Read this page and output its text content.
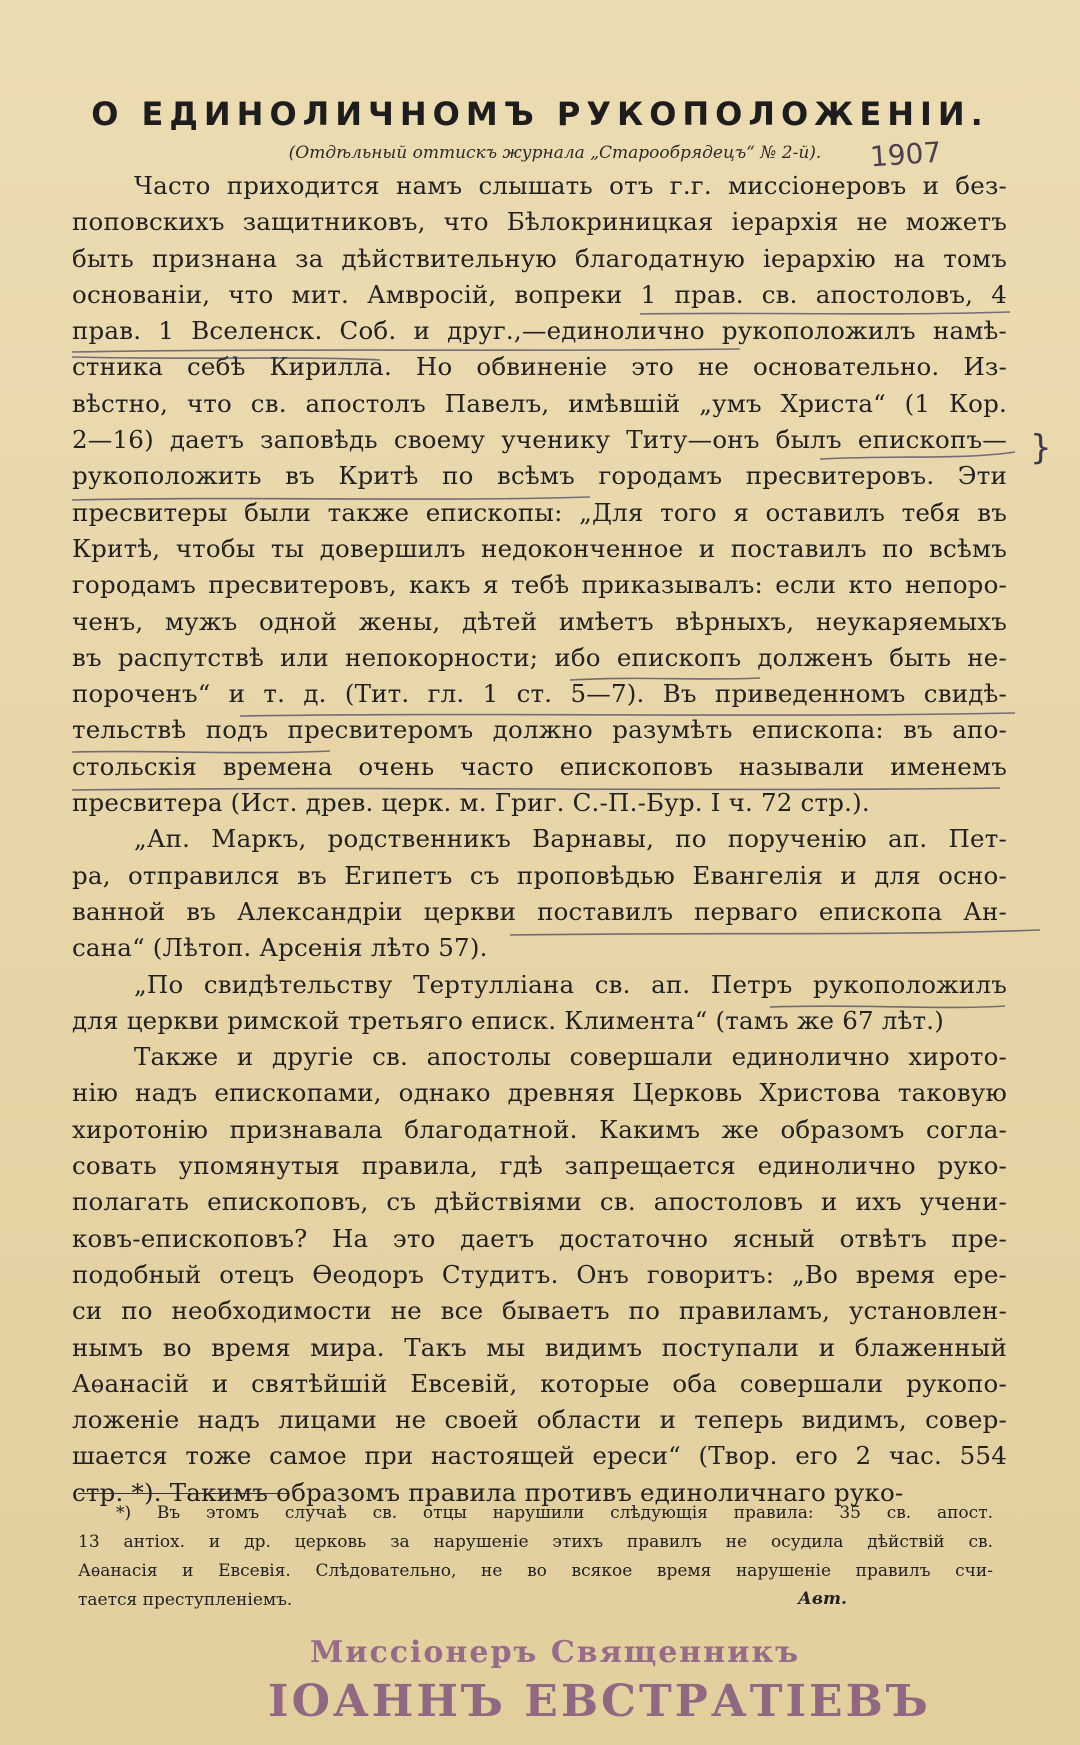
О ЕДИНОЛИЧНОМЪ РУКОПОЛОЖЕНІИ.
(Отдѣльный оттискъ журнала „Старообрядецъ“ № 2-й).	1907
Часто приходится намъ слышать отъ г.г. миссіонеровъ и без-
поповскихъ защитниковъ, что Бѣлокриницкая іерархія не можетъ
быть признана за дѣйствительную благодатную іерархію на томъ
основаніи, что мит. Амвросій, вопреки 1 прав. св. апостоловъ, 4
прав. 1 Вселенск. Соб. и друг.,—единолично рукоположилъ намѣ-
стника себѣ Кирилла. Но обвиненіе это не основательно. Из-
вѣстно, что св. апостолъ Павелъ, имѣвшій „умъ Христа“ (1 Кор.
2—16) даетъ заповѣдь своему ученику Титу—онъ былъ епископъ—
рукоположить въ Критѣ по всѣмъ городамъ пресвитеровъ. Эти
пресвитеры были также епископы: „Для того я оставилъ тебя въ
Критѣ, чтобы ты довершилъ недоконченное и поставилъ по всѣмъ
городамъ пресвитеровъ, какъ я тебѣ приказывалъ: если кто непоро-
ченъ, мужъ одной жены, дѣтей имѣетъ вѣрныхъ, неукаряемыхъ
въ распутствѣ или непокорности; ибо епископъ долженъ быть не-
пороченъ“ и т. д. (Тит. гл. 1 ст. 5—7). Въ приведенномъ свидѣ-
тельствѣ подъ пресвитеромъ должно разумѣть епископа: въ апо-
стольскія времена очень часто епископовъ называли именемъ
пресвитера (Ист. древ. церк. м. Григ. С.-П.-Бур. I ч. 72 стр.).
„Ап. Маркъ, родственникъ Варнавы, по порученію ап. Пет-
ра, отправился въ Египетъ съ проповѣдью Евангелія и для осно-
ванной въ Александріи церкви поставилъ перваго епископа Ан-
сана“ (Лѣтоп. Арсенія лѣто 57).
„По свидѣтельству Тертулліана св. ап. Петръ рукоположилъ
для церкви римской третьяго еписк. Климента“ (тамъ же 67 лѣт.)
Также и другіе св. апостолы совершали единолично хирото-
нію надъ епископами, однако древняя Церковь Христова таковую
хиротонію признавала благодатной. Какимъ же образомъ согла-
совать упомянутыя правила, гдѣ запрещается единолично руко-
полагать епископовъ, съ дѣйствіями св. апостоловъ и ихъ учени-
ковъ-епископовъ? На это даетъ достаточно ясный отвѣтъ пре-
подобный отецъ Ѳеодоръ Студитъ. Онъ говоритъ: „Во время ере-
си по необходимости не все бываетъ по правиламъ, установлен-
нымъ во время мира. Такъ мы видимъ поступали и блаженный
Аѳанасій и святѣйшій Евсевій, которые оба совершали рукопо-
ложеніе надъ лицами не своей области и теперь видимъ, совер-
шается тоже самое при настоящей ереси“ (Твор. его 2 час. 554
стр. *). Такимъ образомъ правила противъ единоличнаго руко-
}
*) Въ этомъ случаѣ св. отцы нарушили слѣдующія правила: 35 св. апост.
13 антіох. и др. церковь за нарушеніе этихъ правилъ не осудила дѣйствій св.
Аѳанасія и Евсевія. Слѣдовательно, не во всякое время нарушеніе правилъ счи-
тается преступленіемъ.	Авт.
Миссіонеръ Священникъ
ІОАННЪ ЕВСТРАТІЕВЪ
